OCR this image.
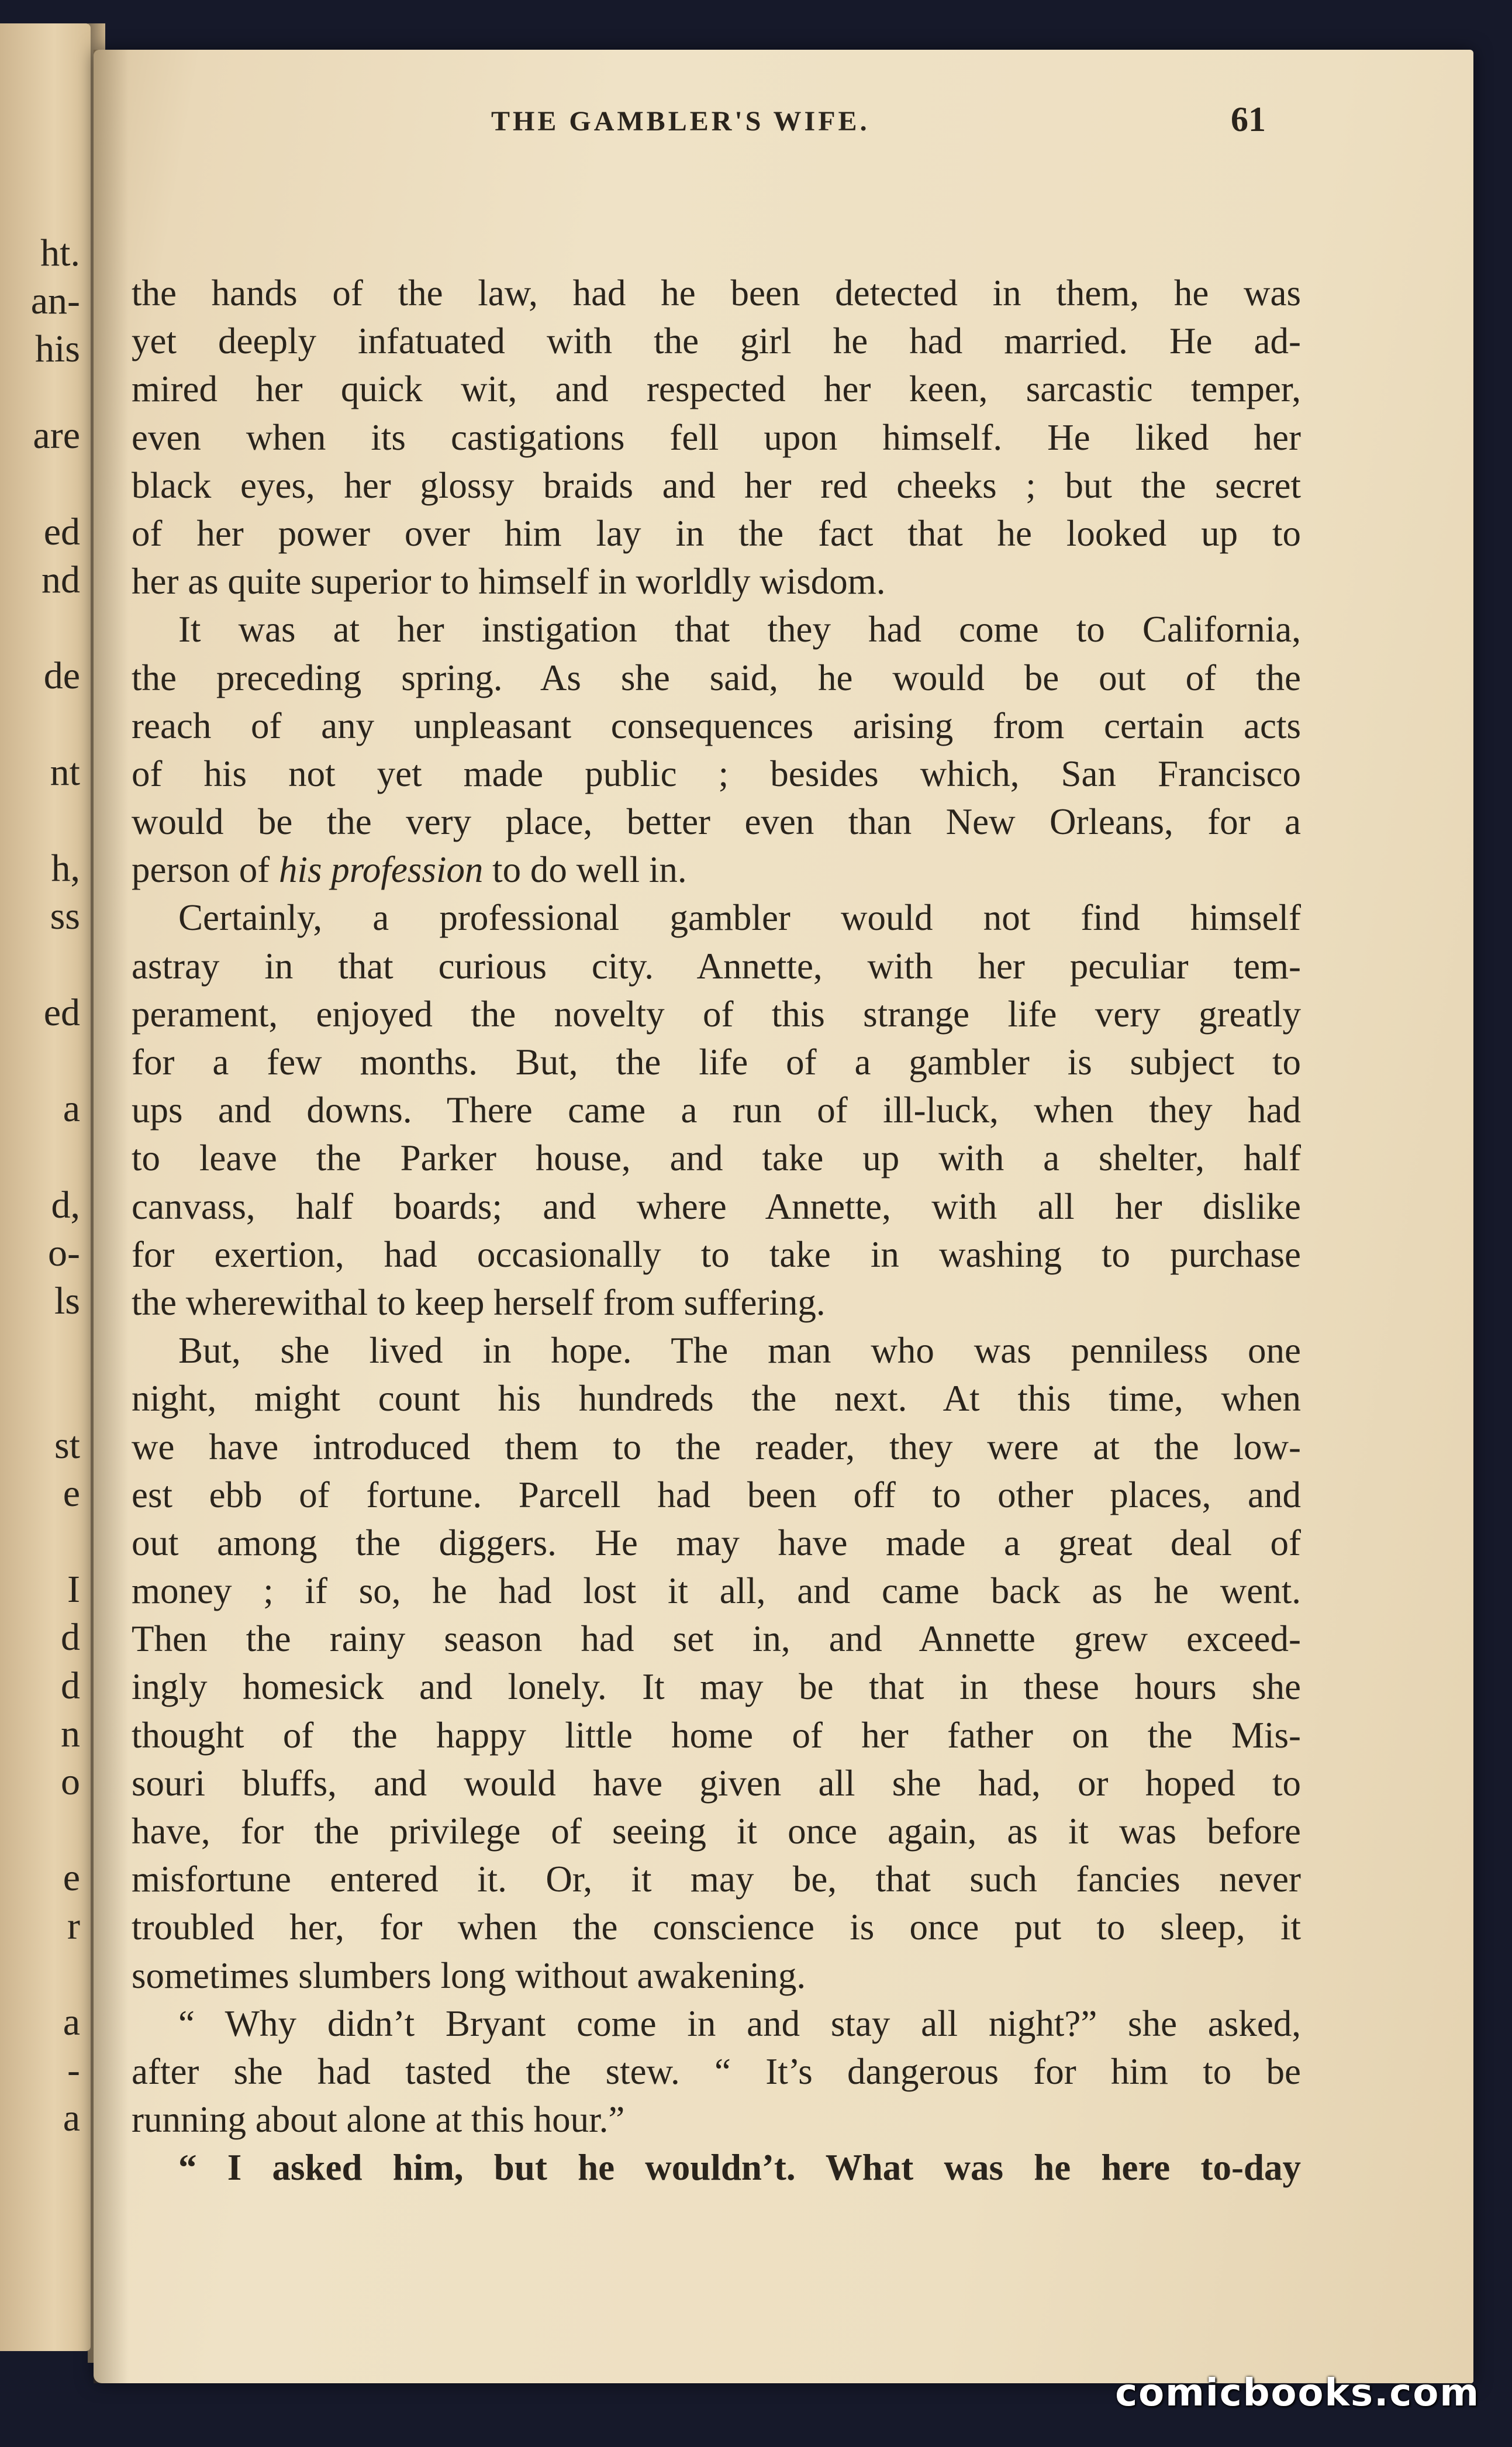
ht.
an-
his
are
ed
nd
de
nt
h,
ss
ed
a
d,
o-
ls
st
e
I
d
d
n
o
e
r
a
-
a
THE GAMBLER'S WIFE.	61
the hands of the law, had he been detected in them, he was
yet deeply infatuated with the girl he had married. He ad-
mired her quick wit, and respected her keen, sarcastic temper,
even when its castigations fell upon himself. He liked her
black eyes, her glossy braids and her red cheeks ; but the secret
of her power over him lay in the fact that he looked up to
her as quite superior to himself in worldly wisdom.
It was at her instigation that they had come to California,
the preceding spring. As she said, he would be out of the
reach of any unpleasant consequences arising from certain acts
of his not yet made public ; besides which, San Francisco
would be the very place, better even than New Orleans, for a
person of his profession to do well in.
Certainly, a professional gambler would not find himself
astray in that curious city. Annette, with her peculiar tem-
perament, enjoyed the novelty of this strange life very greatly
for a few months. But, the life of a gambler is subject to
ups and downs. There came a run of ill-luck, when they had
to leave the Parker house, and take up with a shelter, half
canvass, half boards; and where Annette, with all her dislike
for exertion, had occasionally to take in washing to purchase
the wherewithal to keep herself from suffering.
But, she lived in hope. The man who was penniless one
night, might count his hundreds the next. At this time, when
we have introduced them to the reader, they were at the low-
est ebb of fortune. Parcell had been off to other places, and
out among the diggers. He may have made a great deal of
money ; if so, he had lost it all, and came back as he went.
Then the rainy season had set in, and Annette grew exceed-
ingly homesick and lonely. It may be that in these hours she
thought of the happy little home of her father on the Mis-
souri bluffs, and would have given all she had, or hoped to
have, for the privilege of seeing it once again, as it was before
misfortune entered it. Or, it may be, that such fancies never
troubled her, for when the conscience is once put to sleep, it
sometimes slumbers long without awakening.
“ Why didn’t Bryant come in and stay all night?” she asked,
after she had tasted the stew. “ It’s dangerous for him to be
running about alone at this hour.”
“ I asked him, but he wouldn’t. What was he here to-day
comicbooks.com
